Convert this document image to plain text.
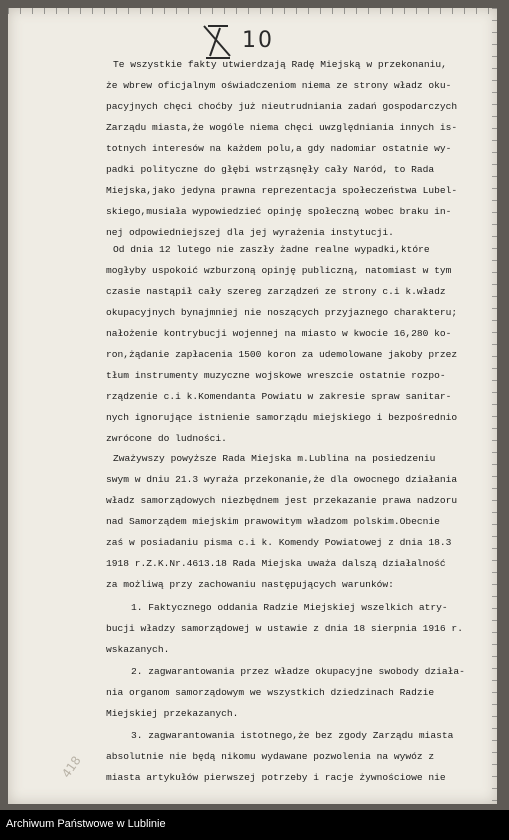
10
Te wszystkie fakty utwierdzają Radę Miejską w przekonaniu,
że wbrew oficjalnym oświadczeniom niema ze strony władz oku-
pacyjnych chęci choćby już nieutrudniania zadań gospodarczych
Zarządu miasta,że wogóle niema chęci uwzględniania innych is-
totnych interesów na każdem polu,a gdy nadomiar ostatnie wy-
padki polityczne do głębi wstrząsnęły cały Naród, to Rada
Miejska,jako jedyna prawna reprezentacja społeczeństwa Lubel-
skiego,musiała wypowiedzieć opinję społeczną wobec braku in-
nej odpowiedniejszej dla jej wyrażenia instytucji.
Od dnia 12 lutego nie zaszły żadne realne wypadki,które
mogłyby uspokoić wzburzoną opinję publiczną, natomiast w tym
czasie nastąpił cały szereg zarządzeń ze strony c.i k.władz
okupacyjnych bynajmniej nie noszących przyjaznego charakteru;
nałożenie kontrybucji wojennej na miasto w kwocie 16,280 ko-
ron,żądanie zapłacenia 1500 koron za udemolowane jakoby przez
tłum instrumenty muzyczne wojskowe wreszcie ostatnie rozpo-
rządzenie c.i k.Komendanta Powiatu w zakresie spraw sanitar-
nych ignorujące istnienie samorządu miejskiego i bezpośrednio
zwrócone do ludności.
Zważywszy powyższe Rada Miejska m.Lublina na posiedzeniu
swym w dniu 21.3 wyraża przekonanie,że dla owocnego działania
władz samorządowych niezbędnem jest przekazanie prawa nadzoru
nad Samorządem miejskim prawowitym władzom polskim.Obecnie
zaś w posiadaniu pisma c.i k. Komendy Powiatowej z dnia 18.3
1918 r.Z.K.Nr.4613.18 Rada Miejska uważa dalszą działalność
za możliwą przy zachowaniu następujących warunków:
1. Faktycznego oddania Radzie Miejskiej wszelkich atry-
bucji władzy samorządowej w ustawie z dnia 18 sierpnia 1916 r.
wskazanych.
2. zagwarantowania przez władze okupacyjne swobody działa-
nia organom samorządowym we wszystkich dziedzinach Radzie
Miejskiej przekazanych.
3. zagwarantowania istotnego,że bez zgody Zarządu miasta
absolutnie nie będą nikomu wydawane pozwolenia na wywóz z
miasta artykułów pierwszej potrzeby i racje żywnościowe nie
418
Archiwum Państwowe w Lublinie
